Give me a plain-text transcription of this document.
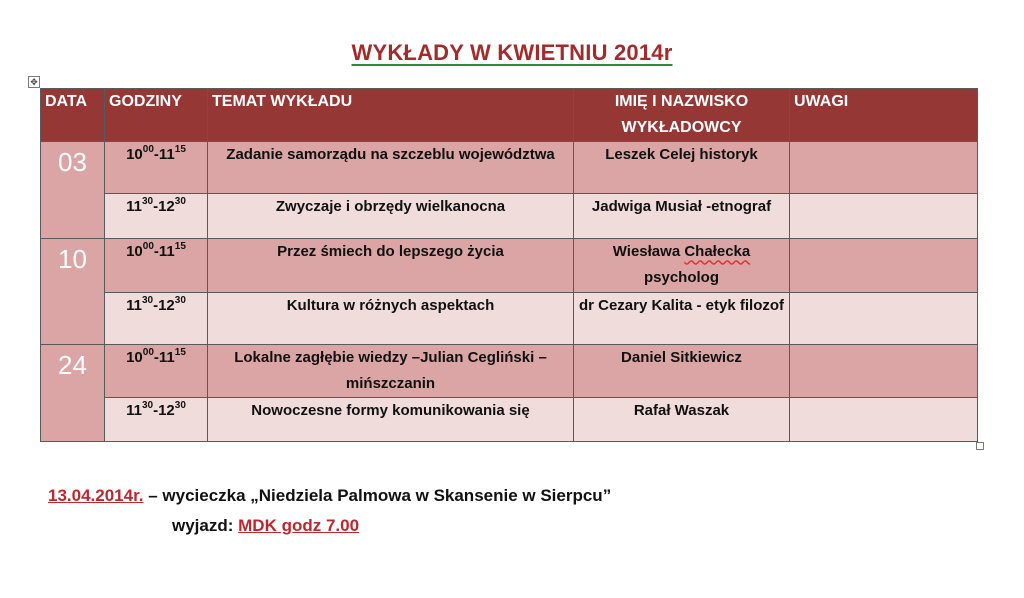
WYKŁADY W KWIETNIU 2014r
✥
DATA	GODZINY	TEMAT WYKŁADU	IMIĘ I NAZWISKO WYKŁADOWCY	UWAGI
03	$10^{00}-11^{15}$	Zadanie samorządu na szczeblu województwa	Leszek Celej historyk	
	$11^{30}-12^{30}$	Zwyczaje i obrzędy wielkanocna	Jadwiga Musiał -etnograf	
10	$10^{00}-11^{15}$	Przez śmiech do lepszego życia	Wiesława Chałecka psycholog	
	$11^{30}-12^{30}$	Kultura w różnych aspektach	dr Cezary Kalita - etyk filozof	
24	$10^{00}-11^{15}$	Lokalne zagłębie wiedzy –Julian Cegliński – mińszczanin	Daniel Sitkiewicz	
	$11^{30}-12^{30}$	Nowoczesne formy komunikowania się	Rafał Waszak	
13.04.2014r. – wycieczka „Niedziela Palmowa w Skansenie w Sierpcu”
wyjazd: MDK godz 7.00
